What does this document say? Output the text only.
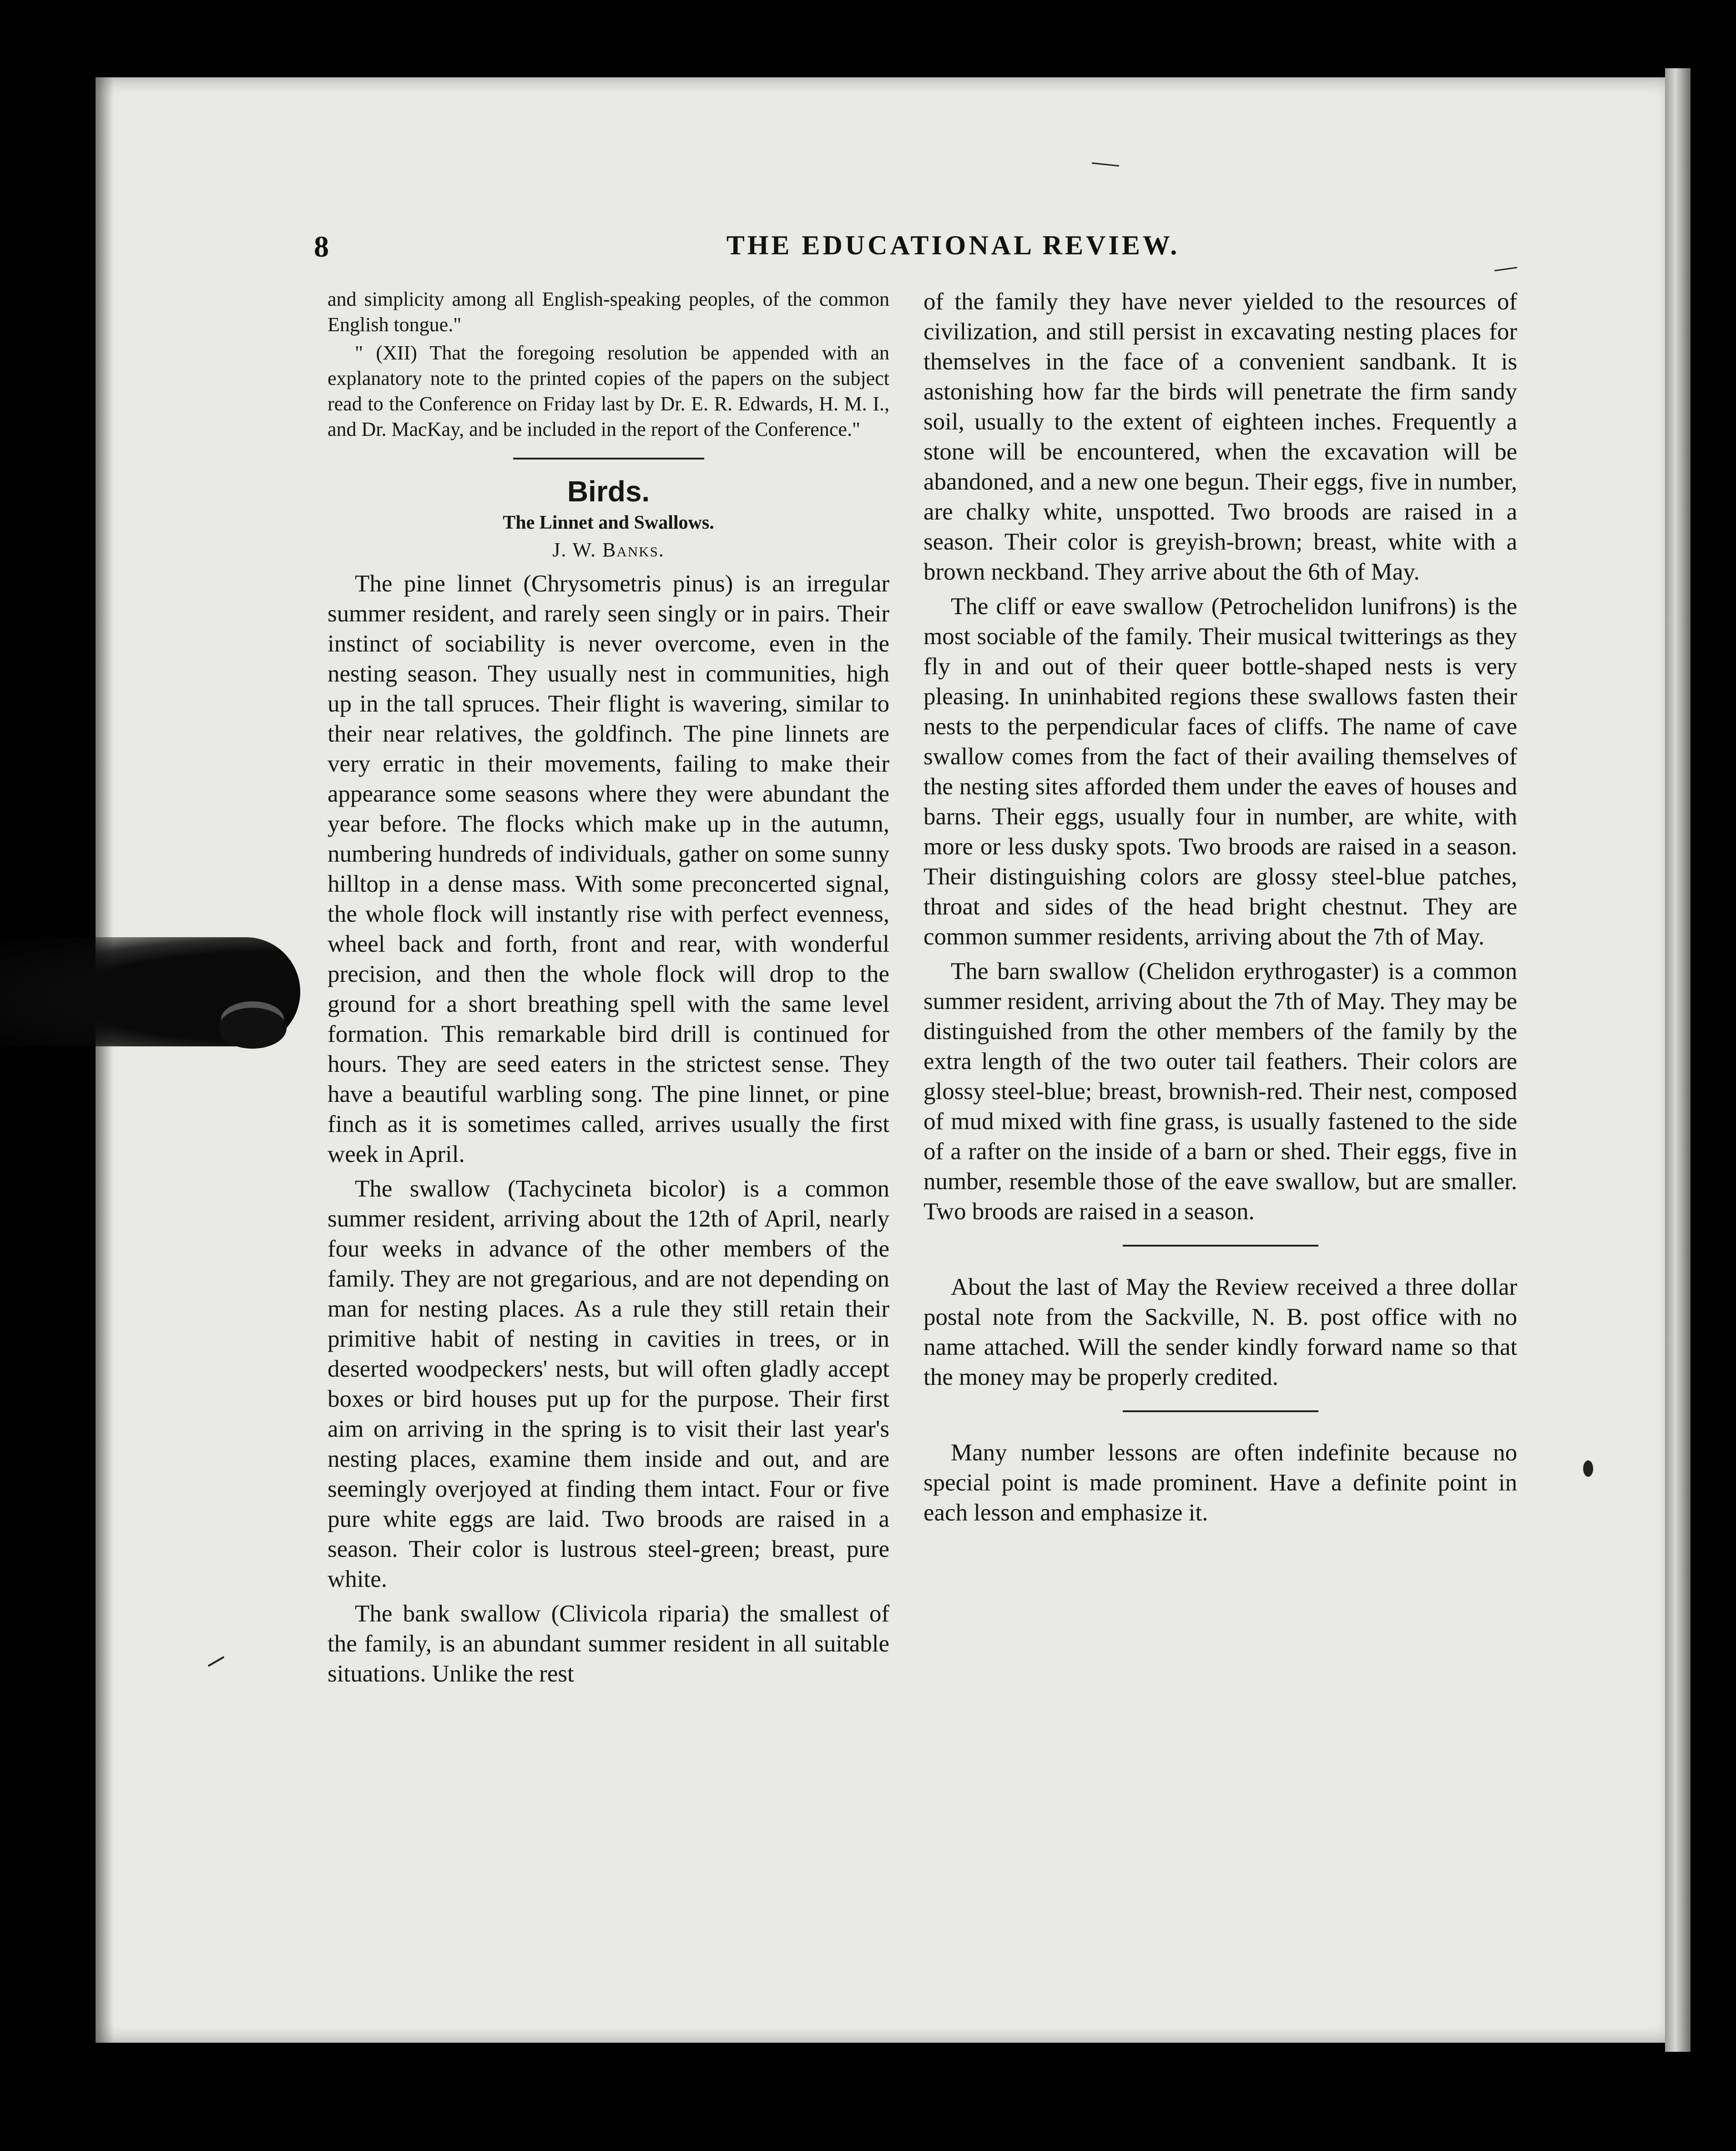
8	THE EDUCATIONAL REVIEW.

and simplicity among all English-speaking peoples, of the common English tongue."

" (XII) That the foregoing resolution be appended with an explanatory note to the printed copies of the papers on the subject read to the Conference on Friday last by Dr. E. R. Edwards, H. M. I., and Dr. MacKay, and be included in the report of the Conference."

Birds.
The Linnet and Swallows.
J. W. Banks.

The pine linnet (Chrysometris pinus) is an irregular summer resident, and rarely seen singly or in pairs. Their instinct of sociability is never overcome, even in the nesting season. They usually nest in communities, high up in the tall spruces. Their flight is wavering, similar to their near relatives, the goldfinch. The pine linnets are very erratic in their movements, failing to make their appearance some seasons where they were abundant the year before. The flocks which make up in the autumn, numbering hundreds of individuals, gather on some sunny hilltop in a dense mass. With some preconcerted signal, the whole flock will instantly rise with perfect evenness, wheel back and forth, front and rear, with wonderful precision, and then the whole flock will drop to the ground for a short breathing spell with the same level formation. This remarkable bird drill is continued for hours. They are seed eaters in the strictest sense. They have a beautiful warbling song. The pine linnet, or pine finch as it is sometimes called, arrives usually the first week in April.

The swallow (Tachycineta bicolor) is a common summer resident, arriving about the 12th of April, nearly four weeks in advance of the other members of the family. They are not gregarious, and are not depending on man for nesting places. As a rule they still retain their primitive habit of nesting in cavities in trees, or in deserted woodpeckers' nests, but will often gladly accept boxes or bird houses put up for the purpose. Their first aim on arriving in the spring is to visit their last year's nesting places, examine them inside and out, and are seemingly overjoyed at finding them intact. Four or five pure white eggs are laid. Two broods are raised in a season. Their color is lustrous steel-green; breast, pure white.

The bank swallow (Clivicola riparia) the smallest of the family, is an abundant summer resident in all suitable situations. Unlike the rest

of the family they have never yielded to the resources of civilization, and still persist in excavating nesting places for themselves in the face of a convenient sandbank. It is astonishing how far the birds will penetrate the firm sandy soil, usually to the extent of eighteen inches. Frequently a stone will be encountered, when the excavation will be abandoned, and a new one begun. Their eggs, five in number, are chalky white, unspotted. Two broods are raised in a season. Their color is greyish-brown; breast, white with a brown neckband. They arrive about the 6th of May.

The cliff or eave swallow (Petrochelidon lunifrons) is the most sociable of the family. Their musical twitterings as they fly in and out of their queer bottle-shaped nests is very pleasing. In uninhabited regions these swallows fasten their nests to the perpendicular faces of cliffs. The name of cave swallow comes from the fact of their availing themselves of the nesting sites afforded them under the eaves of houses and barns. Their eggs, usually four in number, are white, with more or less dusky spots. Two broods are raised in a season. Their distinguishing colors are glossy steel-blue patches, throat and sides of the head bright chestnut. They are common summer residents, arriving about the 7th of May.

The barn swallow (Chelidon erythrogaster) is a common summer resident, arriving about the 7th of May. They may be distinguished from the other members of the family by the extra length of the two outer tail feathers. Their colors are glossy steel-blue; breast, brownish-red. Their nest, composed of mud mixed with fine grass, is usually fastened to the side of a rafter on the inside of a barn or shed. Their eggs, five in number, resemble those of the eave swallow, but are smaller. Two broods are raised in a season.

About the last of May the Review received a three dollar postal note from the Sackville, N. B. post office with no name attached. Will the sender kindly forward name so that the money may be properly credited.

Many number lessons are often indefinite because no special point is made prominent. Have a definite point in each lesson and emphasize it.
